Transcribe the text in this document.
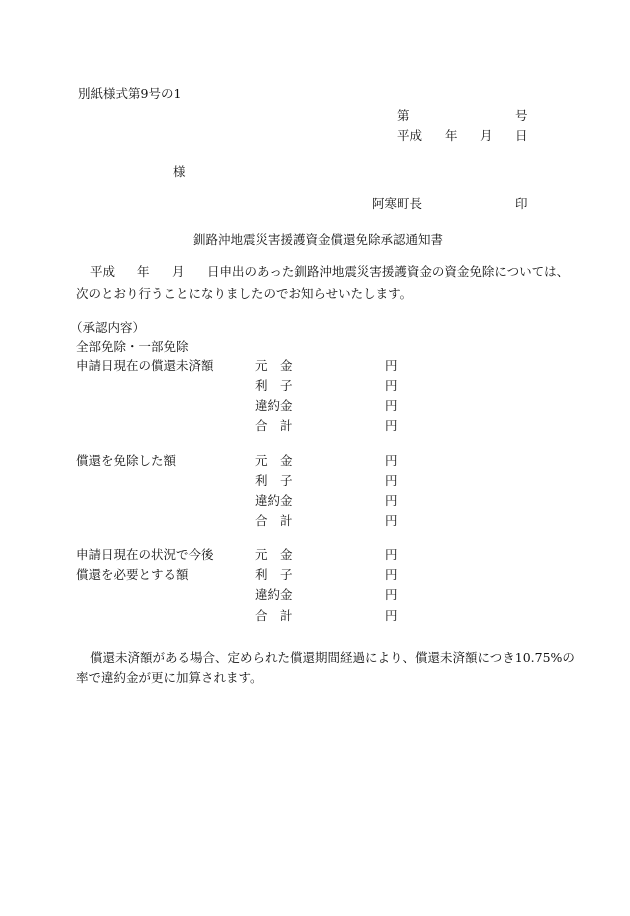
別紙様式第9号の1
第	号
平成 年 月 日
様
阿寒町長	印
釧路沖地震災害援護資金償還免除承認通知書
平成 年 月 日申出のあった釧路沖地震災害援護資金の資金免除については、
次のとおり行うことになりましたのでお知らせいたします。
（承認内容）
全部免除・一部免除
申請日現在の償還未済額	元　金	円
利　子	円
違約金	円
合　計	円
償還を免除した額	元　金	円
利　子	円
違約金	円
合　計	円
申請日現在の状況で今後
償還を必要とする額
元　金	円
利　子	円
違約金	円
合　計	円
償還未済額がある場合、定められた償還期間経過により、償還未済額につき10.75%の
率で違約金が更に加算されます。
